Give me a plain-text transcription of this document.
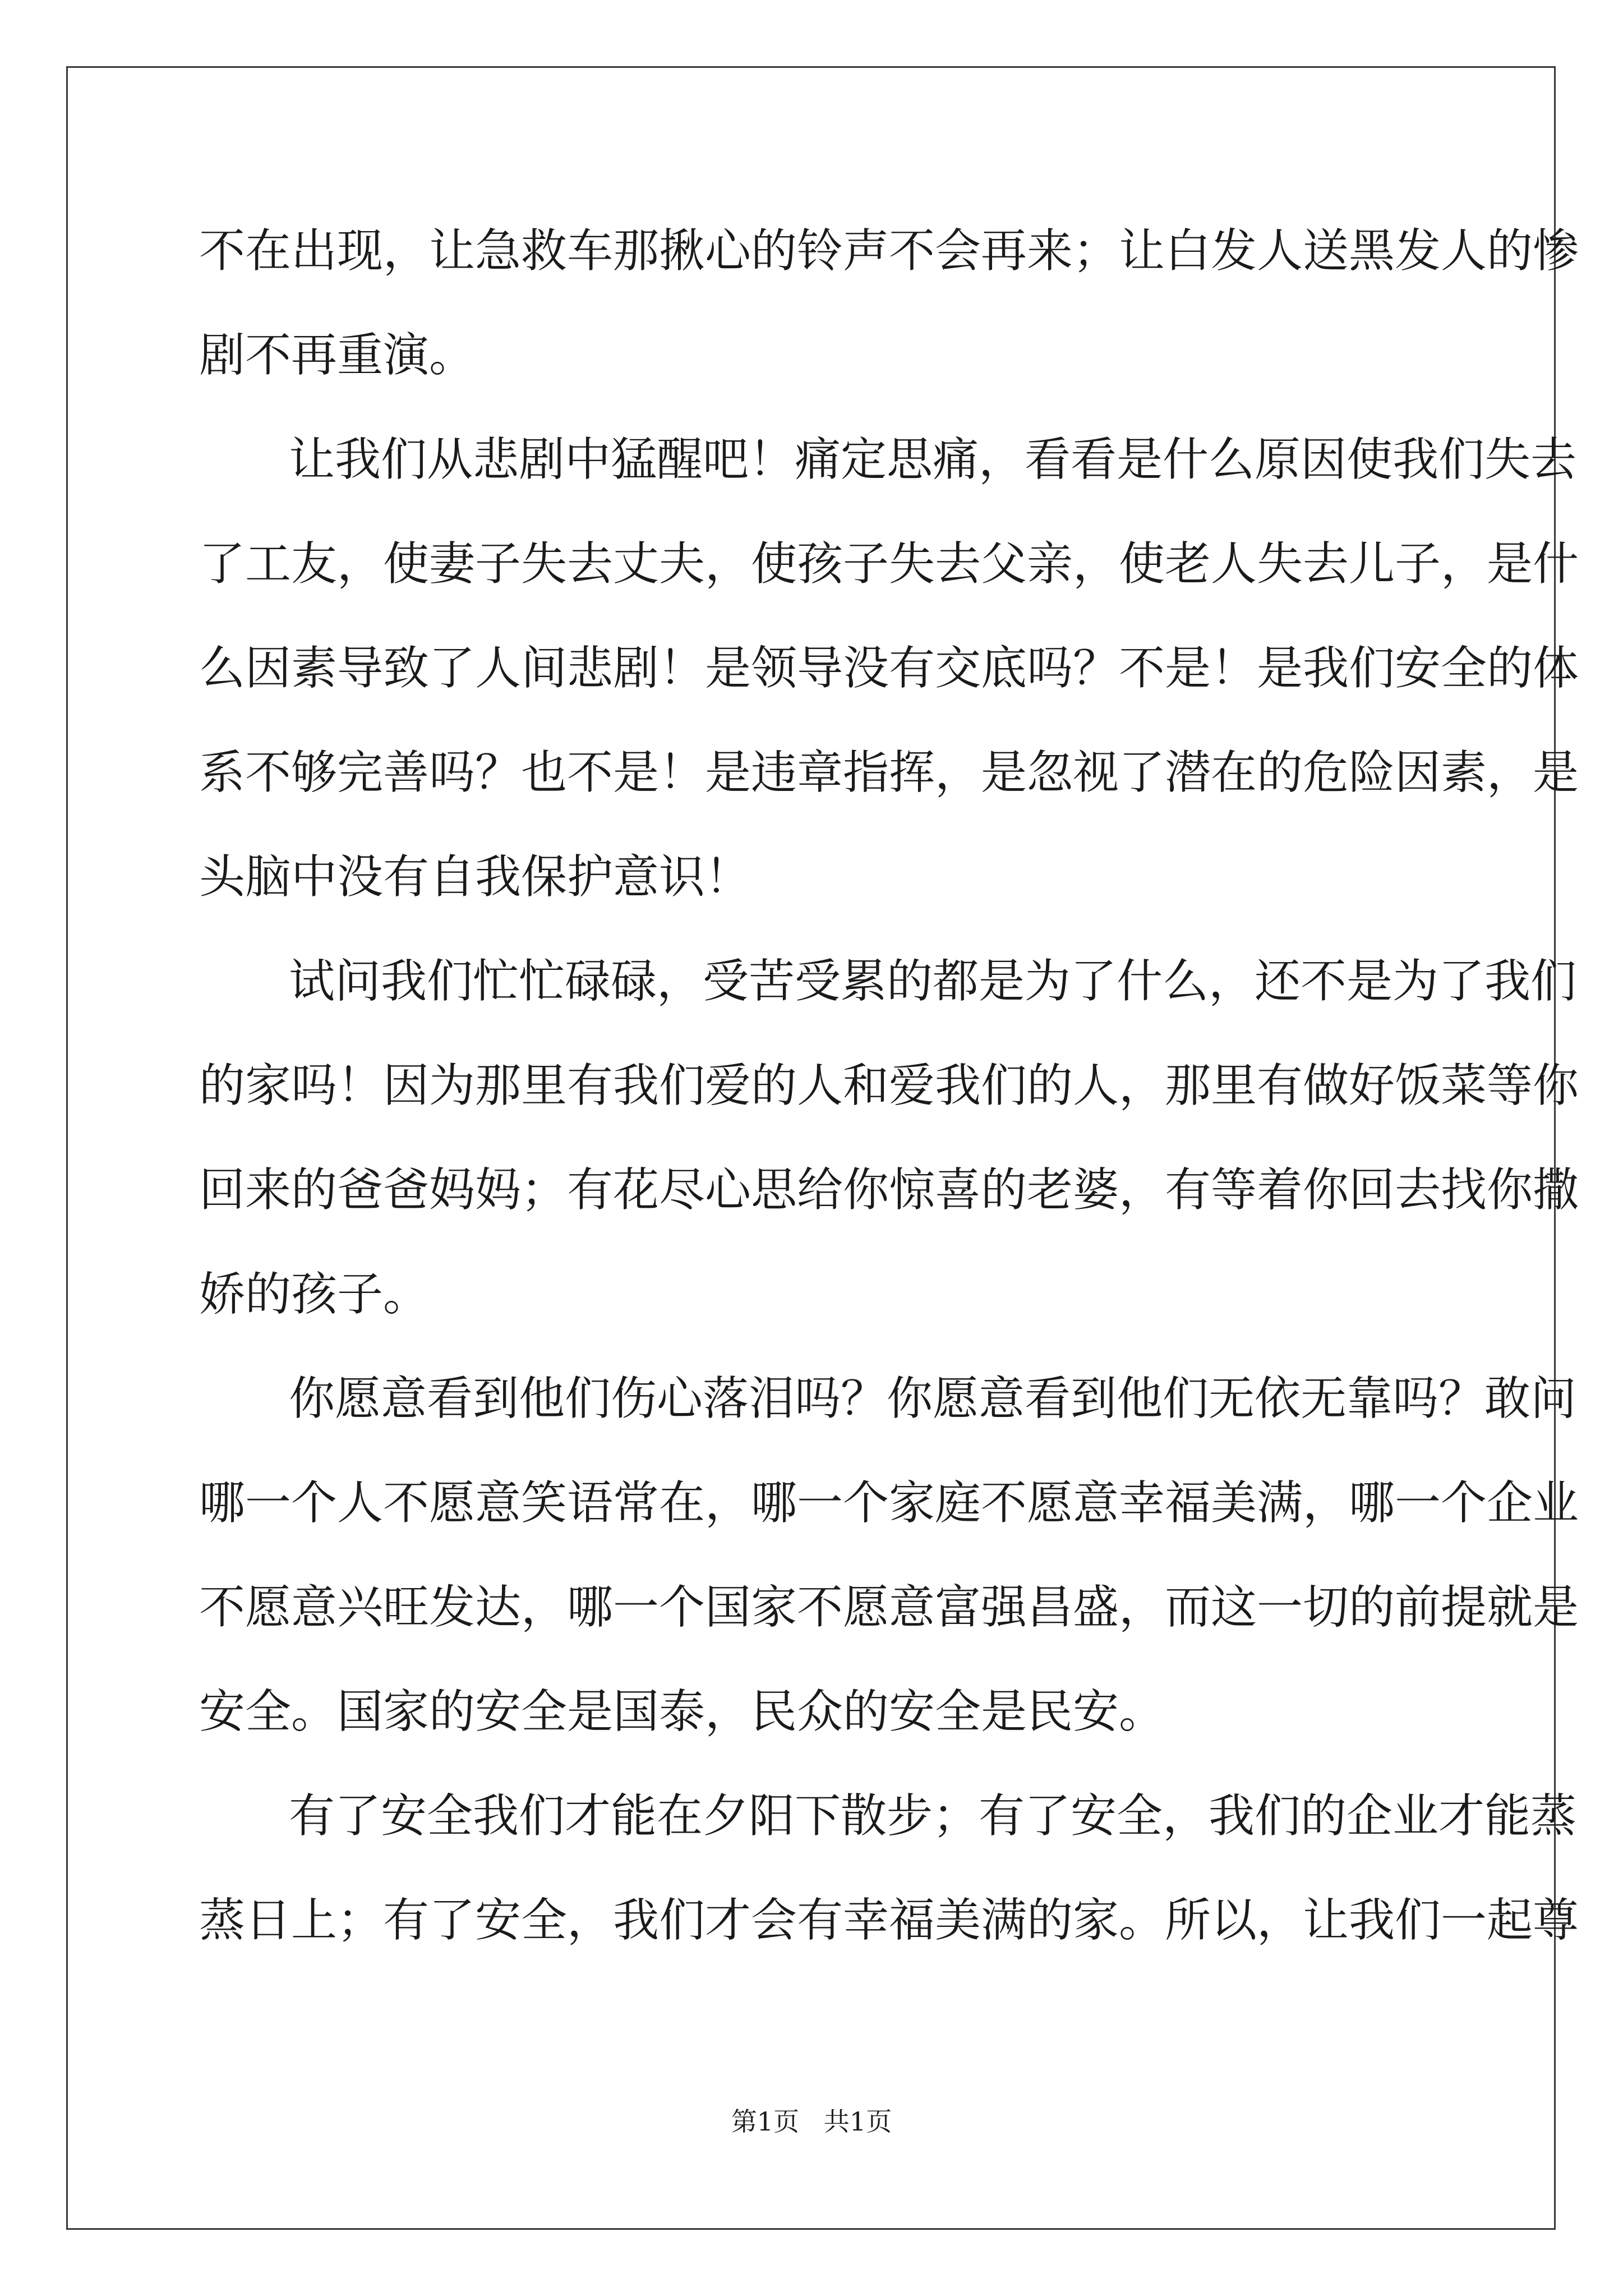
不在出现，让急救车那揪心的铃声不会再来；让白发人送黑发人的惨
剧不再重演。
让我们从悲剧中猛醒吧！痛定思痛，看看是什么原因使我们失去
了工友，使妻子失去丈夫，使孩子失去父亲，使老人失去儿子，是什
么因素导致了人间悲剧！是领导没有交底吗？不是！是我们安全的体
系不够完善吗？也不是！是违章指挥，是忽视了潜在的危险因素，是
头脑中没有自我保护意识！
试问我们忙忙碌碌，受苦受累的都是为了什么，还不是为了我们
的家吗！因为那里有我们爱的人和爱我们的人，那里有做好饭菜等你
回来的爸爸妈妈；有花尽心思给你惊喜的老婆，有等着你回去找你撒
娇的孩子。
你愿意看到他们伤心落泪吗？你愿意看到他们无依无靠吗？敢问
哪一个人不愿意笑语常在，哪一个家庭不愿意幸福美满，哪一个企业
不愿意兴旺发达，哪一个国家不愿意富强昌盛，而这一切的前提就是
安全。国家的安全是国泰，民众的安全是民安。
有了安全我们才能在夕阳下散步；有了安全，我们的企业才能蒸
蒸日上；有了安全，我们才会有幸福美满的家。所以，让我们一起尊
第1页   共1页
